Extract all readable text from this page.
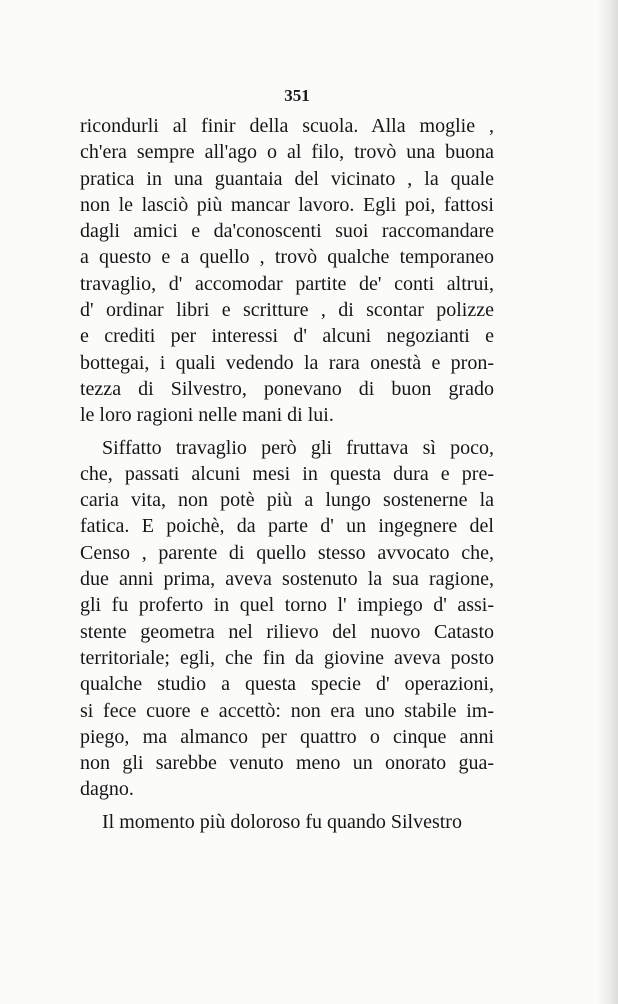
351
ricondurli al finir della scuola. Alla moglie ,
ch'era sempre all'ago o al filo, trovò una buona
pratica in una guantaia del vicinato , la quale
non le lasciò più mancar lavoro. Egli poi, fattosi
dagli amici e da'conoscenti suoi raccomandare
a questo e a quello , trovò qualche temporaneo
travaglio, d' accomodar partite de' conti altrui,
d' ordinar libri e scritture , di scontar polizze
e crediti per interessi d' alcuni negozianti e
bottegai, i quali vedendo la rara onestà e pron-
tezza di Silvestro, ponevano di buon grado
le loro ragioni nelle mani di lui.
Siffatto travaglio però gli fruttava sì poco,
che, passati alcuni mesi in questa dura e pre-
caria vita, non potè più a lungo sostenerne la
fatica. E poichè, da parte d' un ingegnere del
Censo , parente di quello stesso avvocato che,
due anni prima, aveva sostenuto la sua ragione,
gli fu proferto in quel torno l' impiego d' assi-
stente geometra nel rilievo del nuovo Catasto
territoriale; egli, che fin da giovine aveva posto
qualche studio a questa specie d' operazioni,
si fece cuore e accettò: non era uno stabile im-
piego, ma almanco per quattro o cinque anni
non gli sarebbe venuto meno un onorato gua-
dagno.
Il momento più doloroso fu quando Silvestro
